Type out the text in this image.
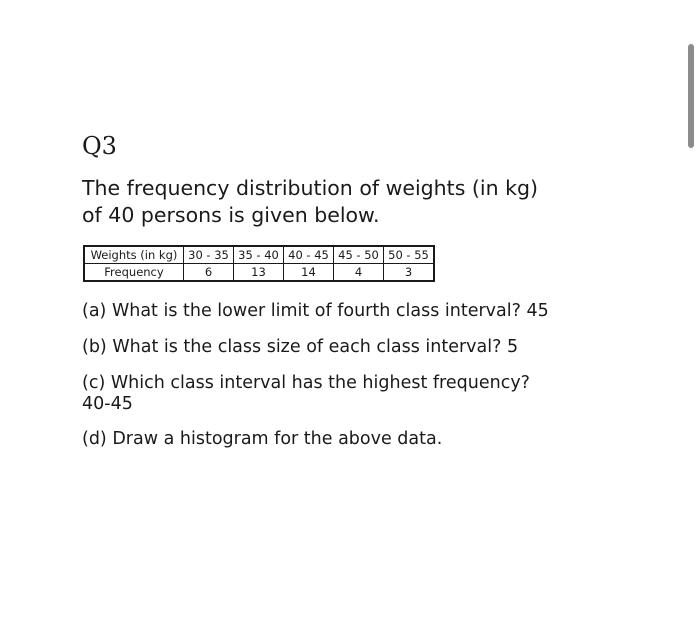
Q3
The frequency distribution of weights (in kg)
of 40 persons is given below.
Weights (in kg)	30 - 35	35 - 40	40 - 45	45 - 50	50 - 55
Frequency	6	13	14	4	3
(a) What is the lower limit of fourth class interval? 45
(b) What is the class size of each class interval? 5
(c) Which class interval has the highest frequency?
40-45
(d) Draw a histogram for the above data.
